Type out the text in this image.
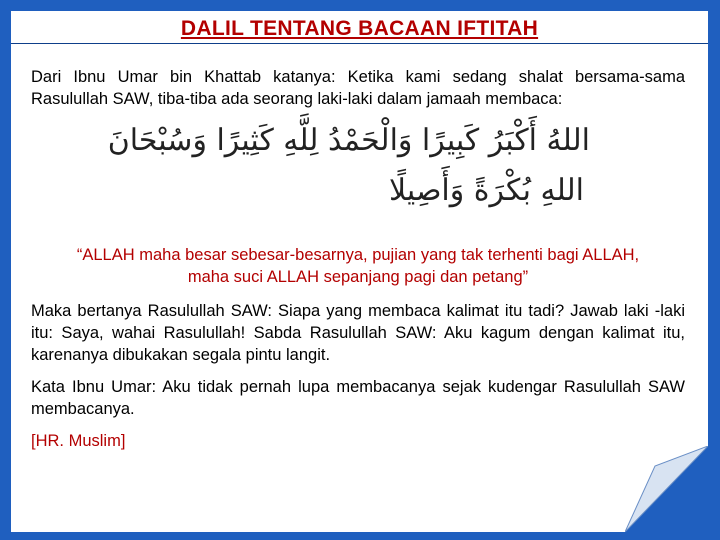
DALIL TENTANG BACAAN IFTITAH

Dari Ibnu Umar bin Khattab katanya: Ketika kami sedang shalat bersama-sama Rasulullah SAW, tiba-tiba ada seorang laki-laki dalam jamaah membaca:

اللهُ أَكْبَرُ كَبِيرًا وَالْحَمْدُ لِلَّهِ كَثِيرًا وَسُبْحَانَ
اللهِ بُكْرَةً وَأَصِيلًا
“ALLAH maha besar sebesar-besarnya, pujian yang tak terhenti bagi ALLAH,
maha suci ALLAH sepanjang pagi dan petang”

Maka bertanya Rasulullah SAW: Siapa yang membaca kalimat itu tadi? Jawab laki -laki itu: Saya, wahai Rasulullah! Sabda Rasulullah SAW: Aku kagum dengan kalimat itu, karenanya dibukakan segala pintu langit.

Kata Ibnu Umar: Aku tidak pernah lupa membacanya sejak kudengar Rasulullah SAW membacanya.

[HR. Muslim]
